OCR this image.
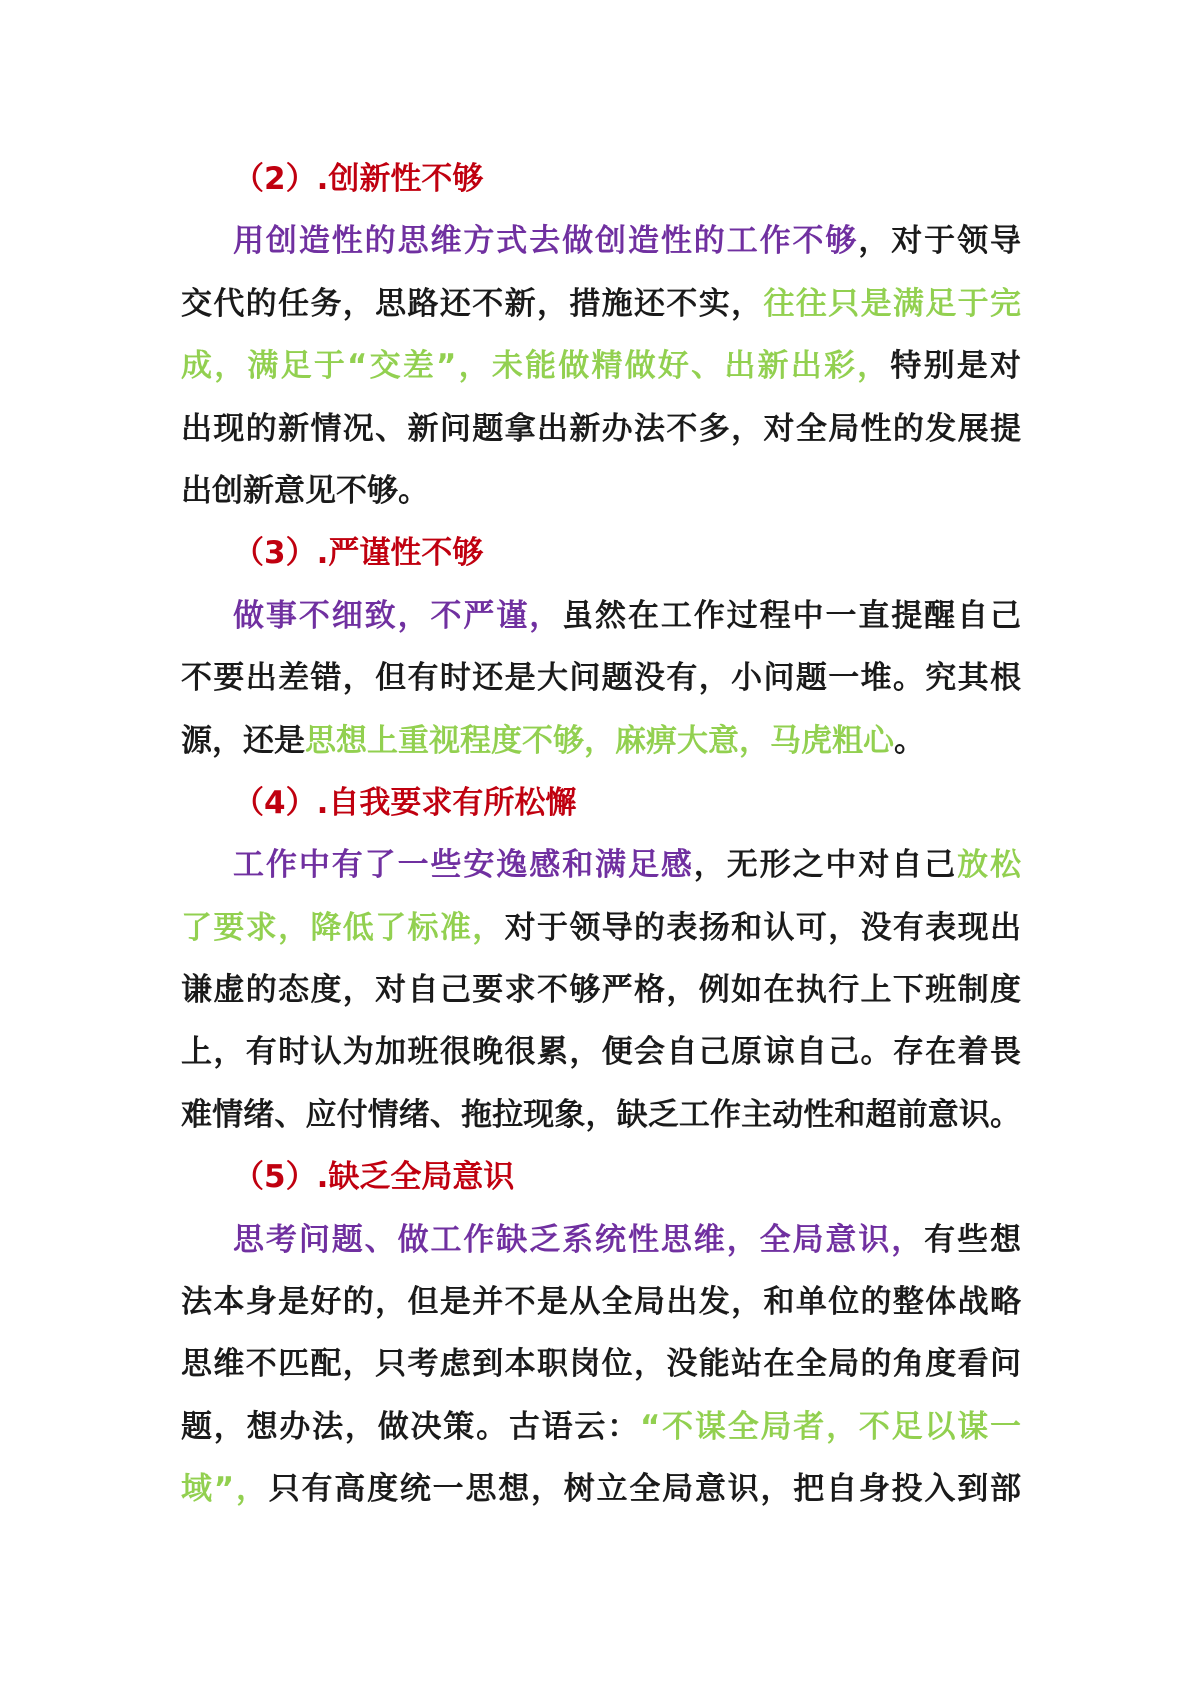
（2）.创新性不够
用创造性的思维方式去做创造性的工作不够，对于领导
交代的任务，思路还不新，措施还不实，往往只是满足于完
成，满足于“交差”，未能做精做好、出新出彩，特别是对
出现的新情况、新问题拿出新办法不多，对全局性的发展提
出创新意见不够。
（3）.严谨性不够
做事不细致，不严谨，虽然在工作过程中一直提醒自己
不要出差错，但有时还是大问题没有，小问题一堆。究其根
源，还是思想上重视程度不够，麻痹大意，马虎粗心。
（4）.自我要求有所松懈
工作中有了一些安逸感和满足感，无形之中对自己放松
了要求，降低了标准，对于领导的表扬和认可，没有表现出
谦虚的态度，对自己要求不够严格，例如在执行上下班制度
上，有时认为加班很晚很累，便会自己原谅自己。存在着畏
难情绪、应付情绪、拖拉现象，缺乏工作主动性和超前意识。
（5）.缺乏全局意识
思考问题、做工作缺乏系统性思维，全局意识，有些想
法本身是好的，但是并不是从全局出发，和单位的整体战略
思维不匹配，只考虑到本职岗位，没能站在全局的角度看问
题，想办法，做决策。古语云：“不谋全局者，不足以谋一
域”，只有高度统一思想，树立全局意识，把自身投入到部
